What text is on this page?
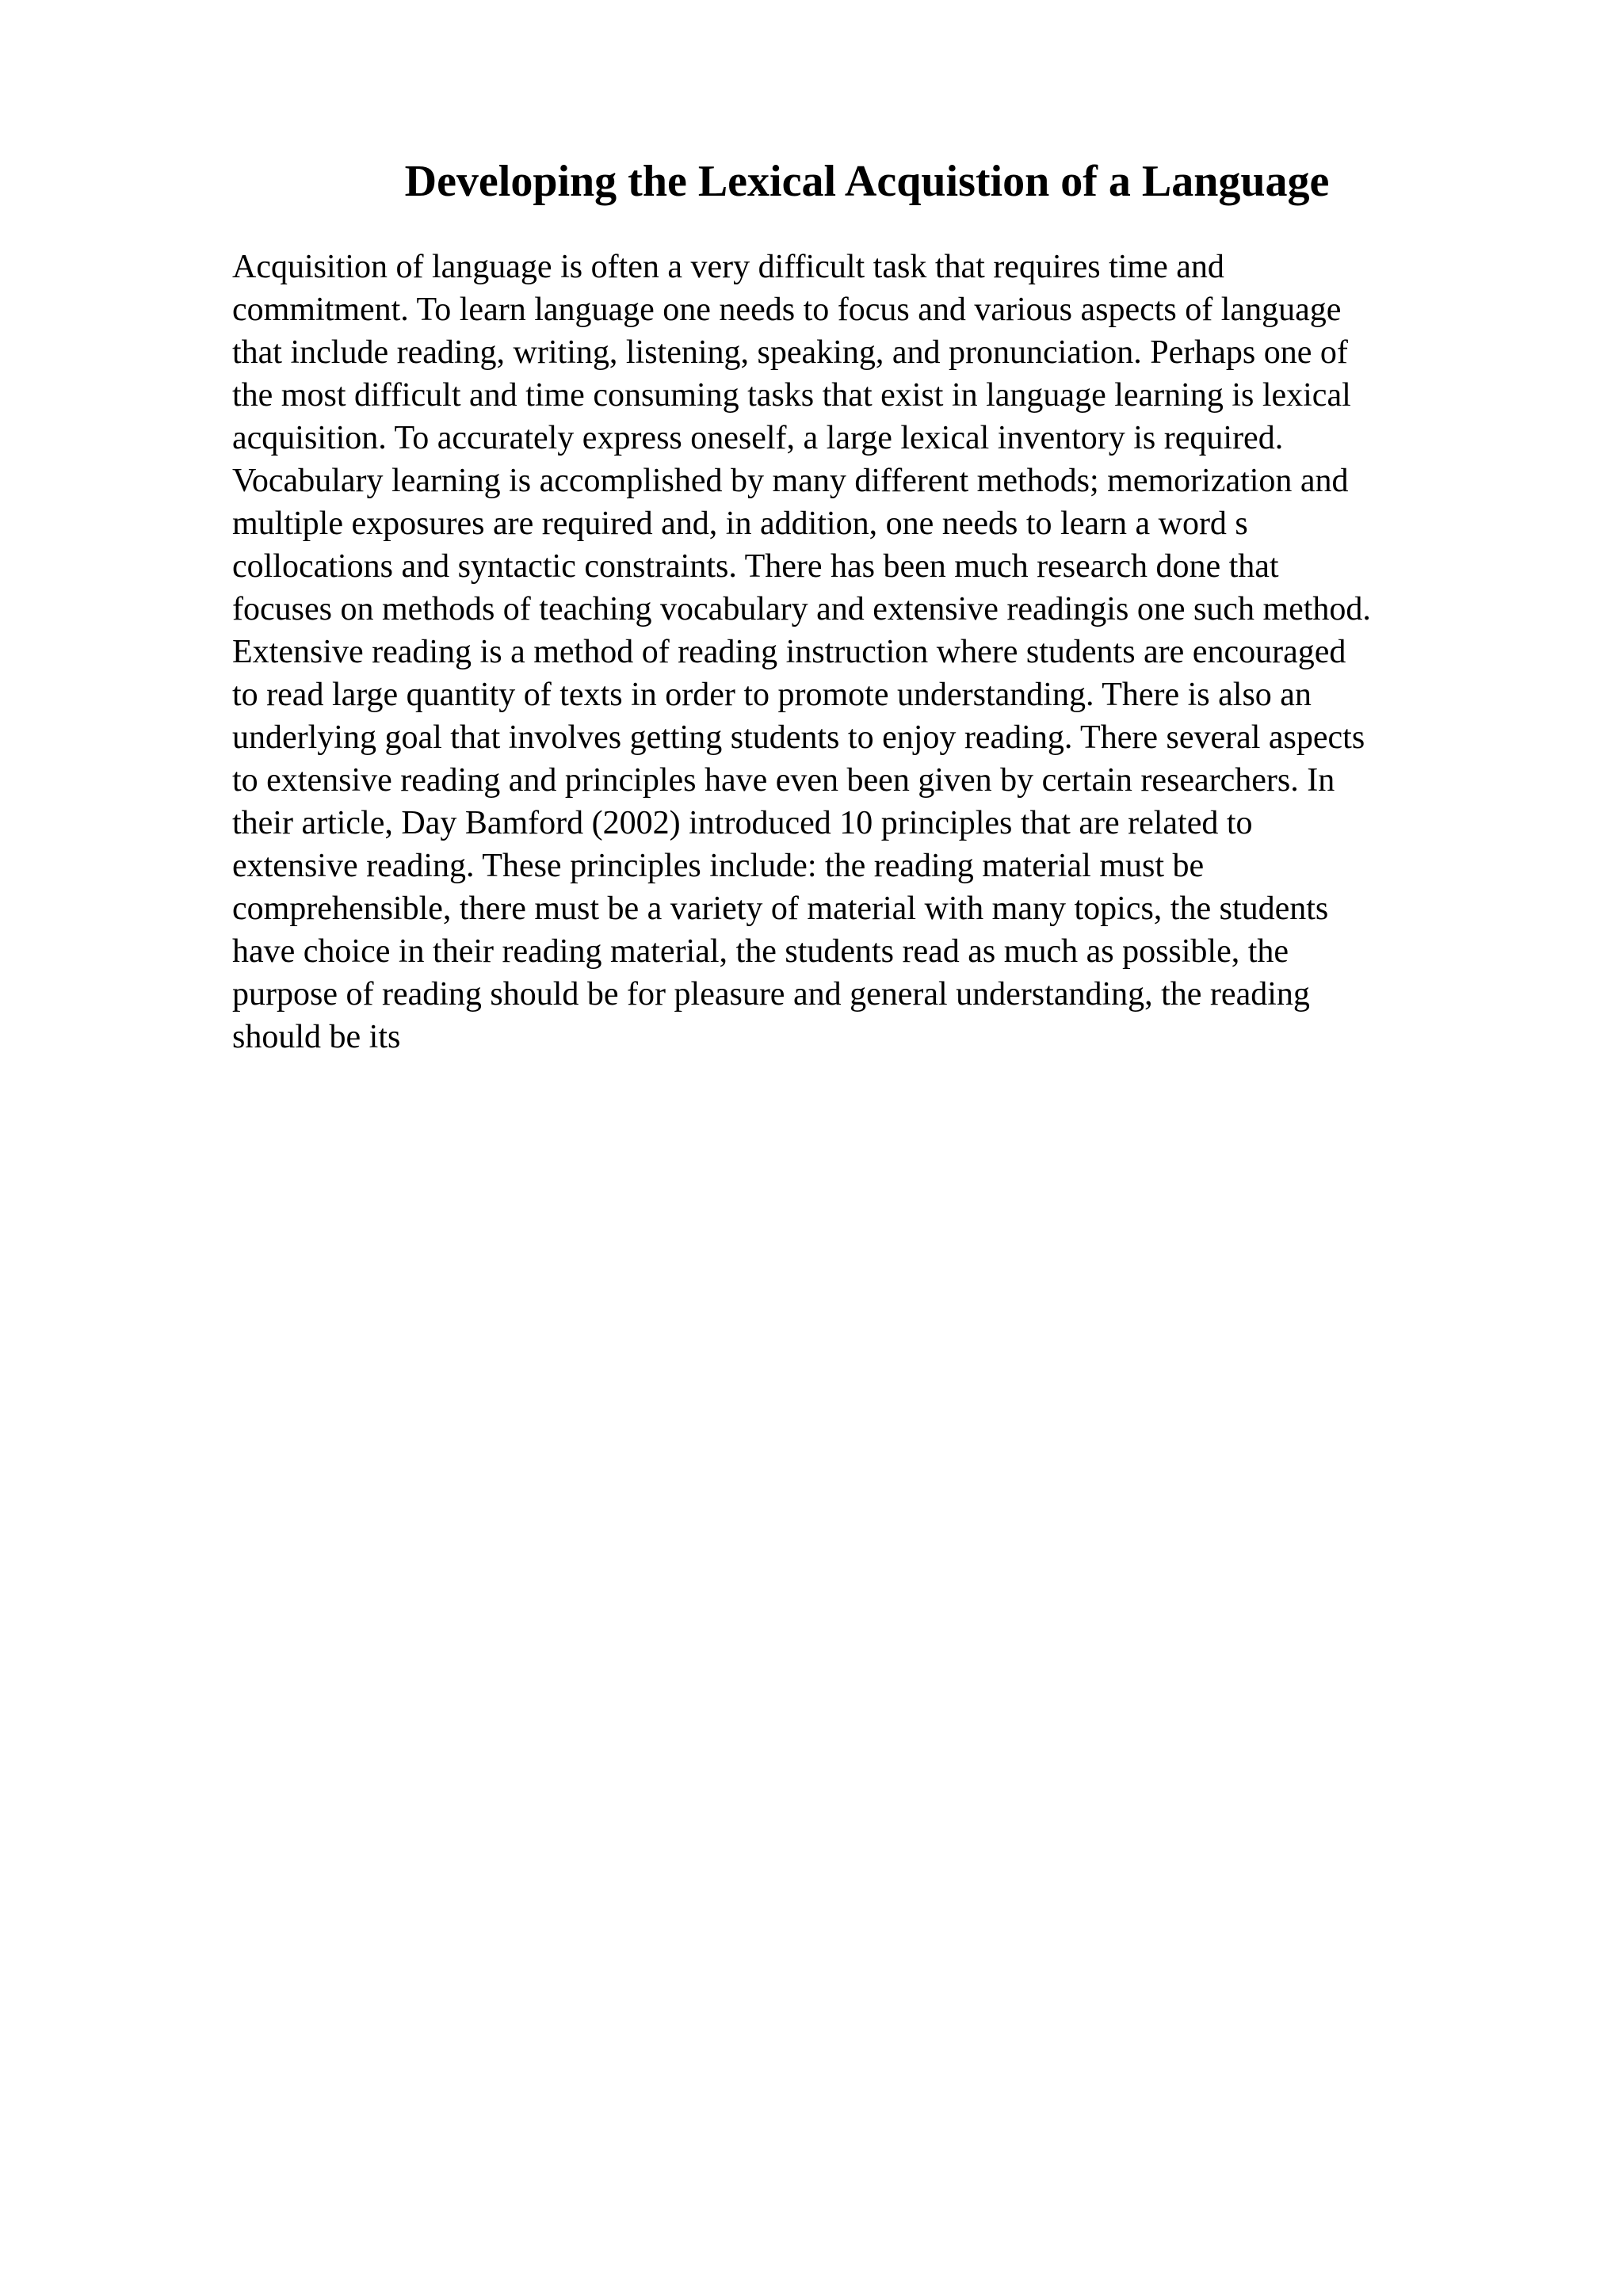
Developing the Lexical Acquistion of a Language
Acquisition of language is often a very difficult task that requires time and
commitment. To learn language one needs to focus and various aspects of language
that include reading, writing, listening, speaking, and pronunciation. Perhaps one of
the most difficult and time consuming tasks that exist in language learning is lexical
acquisition. To accurately express oneself, a large lexical inventory is required.
Vocabulary learning is accomplished by many different methods; memorization and
multiple exposures are required and, in addition, one needs to learn a word s
collocations and syntactic constraints. There has been much research done that
focuses on methods of teaching vocabulary and extensive readingis one such method.
Extensive reading is a method of reading instruction where students are encouraged
to read large quantity of texts in order to promote understanding. There is also an
underlying goal that involves getting students to enjoy reading. There several aspects
to extensive reading and principles have even been given by certain researchers. In
their article, Day Bamford (2002) introduced 10 principles that are related to
extensive reading. These principles include: the reading material must be
comprehensible, there must be a variety of material with many topics, the students
have choice in their reading material, the students read as much as possible, the
purpose of reading should be for pleasure and general understanding, the reading
should be its
